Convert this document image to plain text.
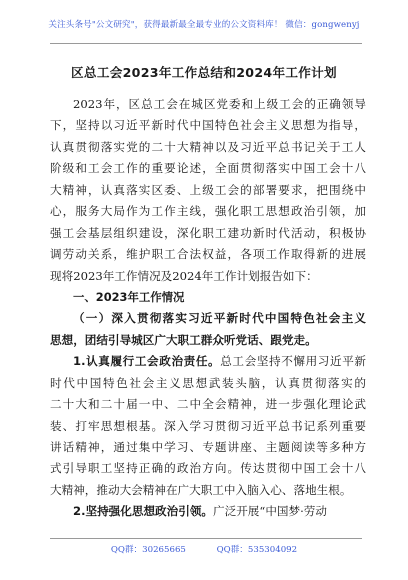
关注头条号"公文研究"，获得最新最全最专业的公文资料库！ 微信：gongwenyj
区总工会2023年工作总结和2024年工作计划
2023年，区总工会在城区党委和上级工会的正确领导
下，坚持以习近平新时代中国特色社会主义思想为指导，
认真贯彻落实党的二十大精神以及习近平总书记关于工人
阶级和工会工作的重要论述，全面贯彻落实中国工会十八
大精神，认真落实区委、上级工会的部署要求，把围绕中
心，服务大局作为工作主线，强化职工思想政治引领，加
强工会基层组织建设，深化职工建功新时代活动，积极协
调劳动关系，维护职工合法权益，各项工作取得新的进展
现将2023年工作情况及2024年工作计划报告如下：
一、2023年工作情况
（一）深入贯彻落实习近平新时代中国特色社会主义
思想，团结引导城区广大职工群众听党话、跟党走。
1.认真履行工会政治责任。总工会坚持不懈用习近平新
时代中国特色社会主义思想武装头脑，认真贯彻落实的
二十大和二十届一中、二中全会精神，进一步强化理论武
装、打牢思想根基。深入学习贯彻习近平总书记系列重要
讲话精神，通过集中学习、专题讲座、主题阅读等多种方
式引导职工坚持正确的政治方向。传达贯彻中国工会十八
大精神，推动大会精神在广大职工中入脑入心、落地生根。
2.坚持强化思想政治引领。广泛开展“中国梦·劳动
QQ群：30265665	QQ群：535304092
